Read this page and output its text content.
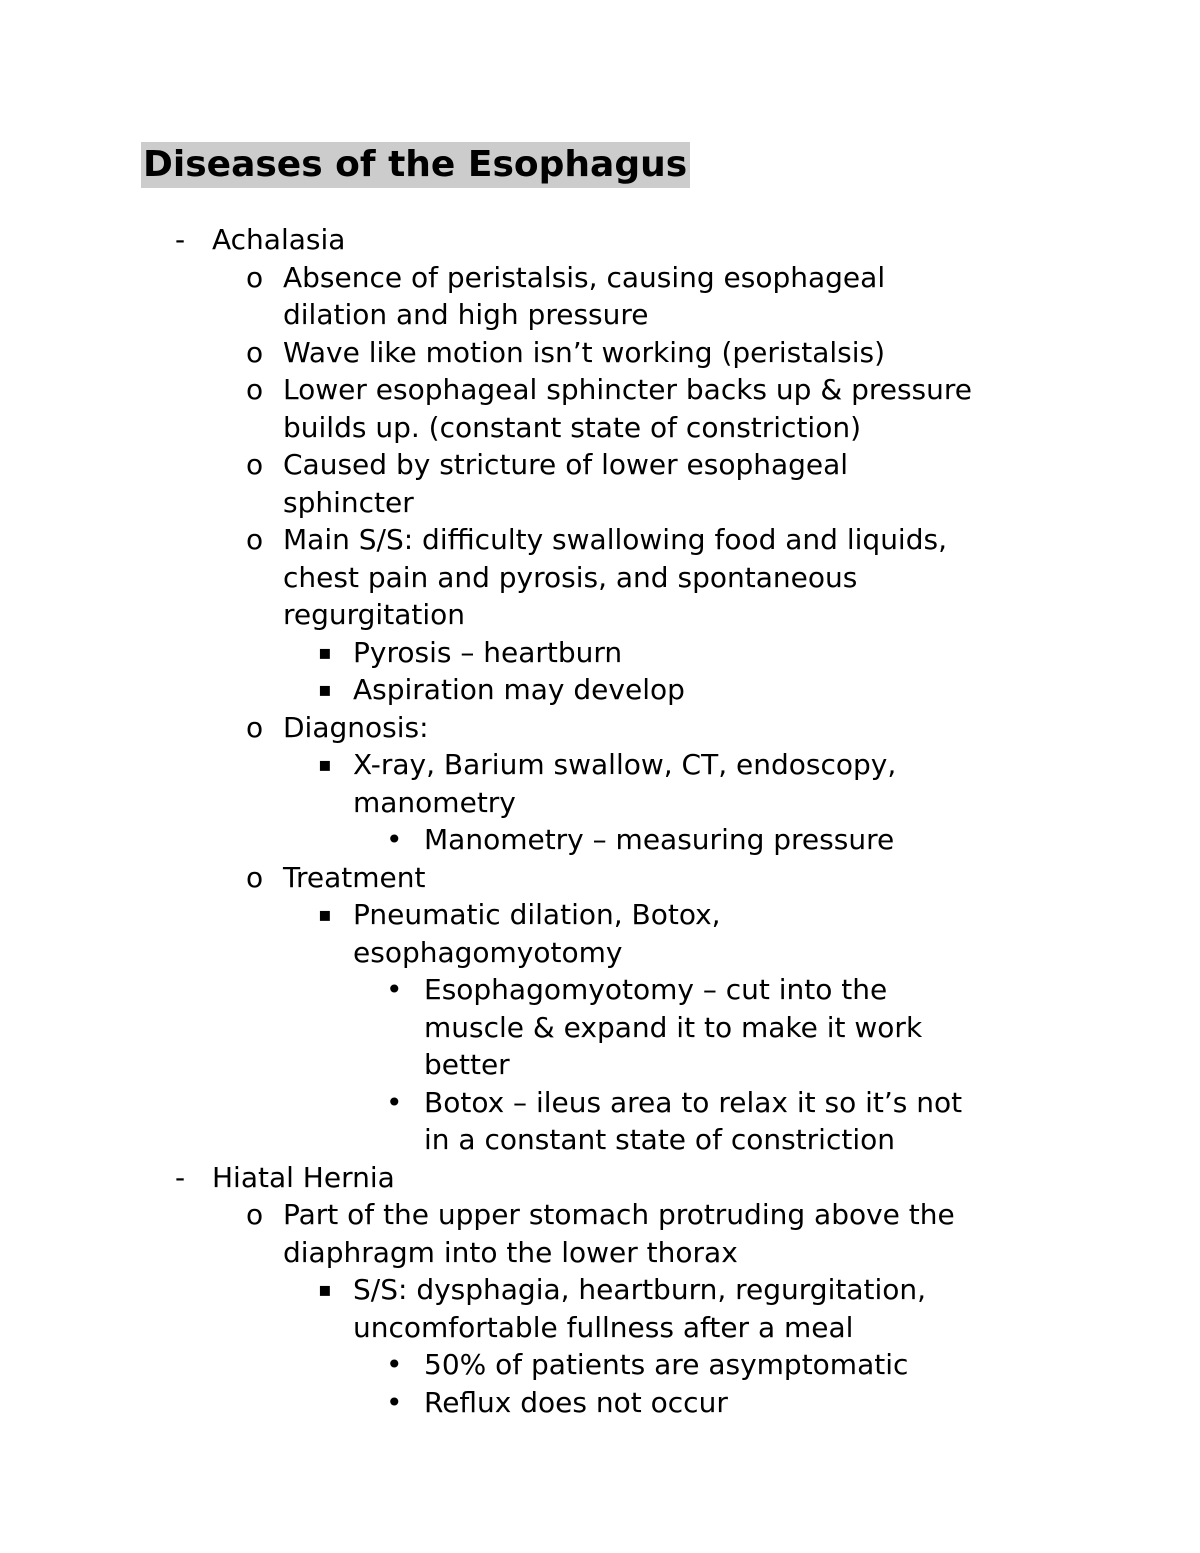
Diseases of the Esophagus
- Achalasia
o Absence of peristalsis, causing esophageal
dilation and high pressure
o Wave like motion isn’t working (peristalsis)
o Lower esophageal sphincter backs up & pressure
builds up. (constant state of constriction)
o Caused by stricture of lower esophageal
sphincter
o Main S/S: difficulty swallowing food and liquids,
chest pain and pyrosis, and spontaneous
regurgitation
▪ Pyrosis – heartburn
▪ Aspiration may develop
o Diagnosis:
▪ X-ray, Barium swallow, CT, endoscopy,
manometry
• Manometry – measuring pressure
o Treatment
▪ Pneumatic dilation, Botox,
esophagomyotomy
• Esophagomyotomy – cut into the
muscle & expand it to make it work
better
• Botox – ileus area to relax it so it’s not
in a constant state of constriction
- Hiatal Hernia
o Part of the upper stomach protruding above the
diaphragm into the lower thorax
▪ S/S: dysphagia, heartburn, regurgitation,
uncomfortable fullness after a meal
• 50% of patients are asymptomatic
• Reflux does not occur
